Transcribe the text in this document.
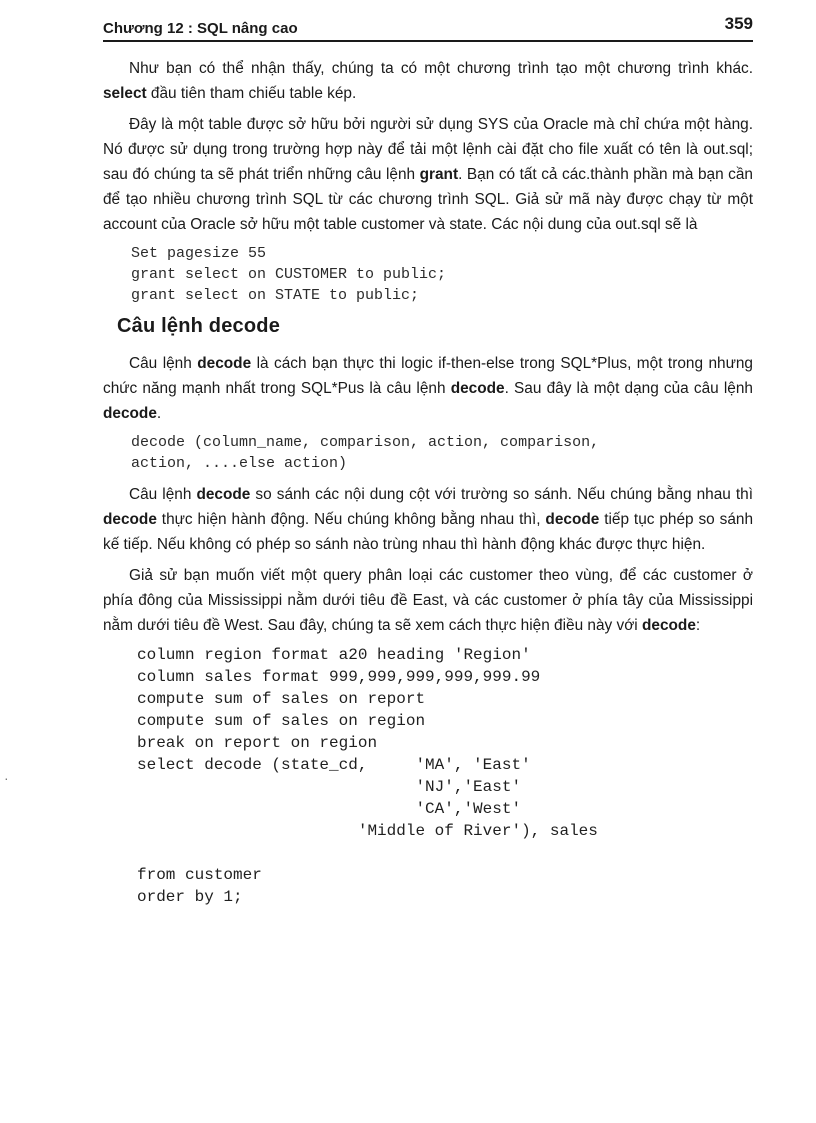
Chương 12 : SQL nâng cao	359

Như bạn có thể nhận thấy, chúng ta có một chương trình tạo một chương trình khác. select đầu tiên tham chiếu table kép.

Đây là một table được sở hữu bởi người sử dụng SYS của Oracle mà chỉ chứa một hàng. Nó được sử dụng trong trường hợp này để tải một lệnh cài đặt cho file xuất có tên là out.sql; sau đó chúng ta sẽ phát triển những câu lệnh grant. Bạn có tất cả các.thành phần mà bạn cần để tạo nhiều chương trình SQL từ các chương trình SQL. Giả sử mã này được chạy từ một account của Oracle sở hữu một table customer và state. Các nội dung của out.sql sẽ là

Set pagesize 55
grant select on CUSTOMER to public;
grant select on STATE to public;
Câu lệnh decode

Câu lệnh decode là cách bạn thực thi logic if-then-else trong SQL*Plus, một trong nhưng chức năng mạnh nhất trong SQL*Pus là câu lệnh decode. Sau đây là một dạng của câu lệnh decode.

decode (column_name, comparison, action, comparison,
action, ....else action)

Câu lệnh decode so sánh các nội dung cột với trường so sánh. Nếu chúng bằng nhau thì decode thực hiện hành động. Nếu chúng không bằng nhau thì, decode tiếp tục phép so sánh kế tiếp. Nếu không có phép so sánh nào trùng nhau thì hành động khác được thực hiện.

Giả sử bạn muốn viết một query phân loại các customer theo vùng, để các customer ở phía đông của Mississippi nằm dưới tiêu đề East, và các customer ở phía tây của Mississippi nằm dưới tiêu đề West. Sau đây, chúng ta sẽ xem cách thực hiện điều này với decode:

column region format a20 heading 'Region'
column sales format 999,999,999,999,999.99
compute sum of sales on report
compute sum of sales on region
break on report on region
select decode (state_cd,     'MA', 'East'
'NJ','East'
'CA','West'
'Middle of River'), sales

from customer
order by 1;
·
